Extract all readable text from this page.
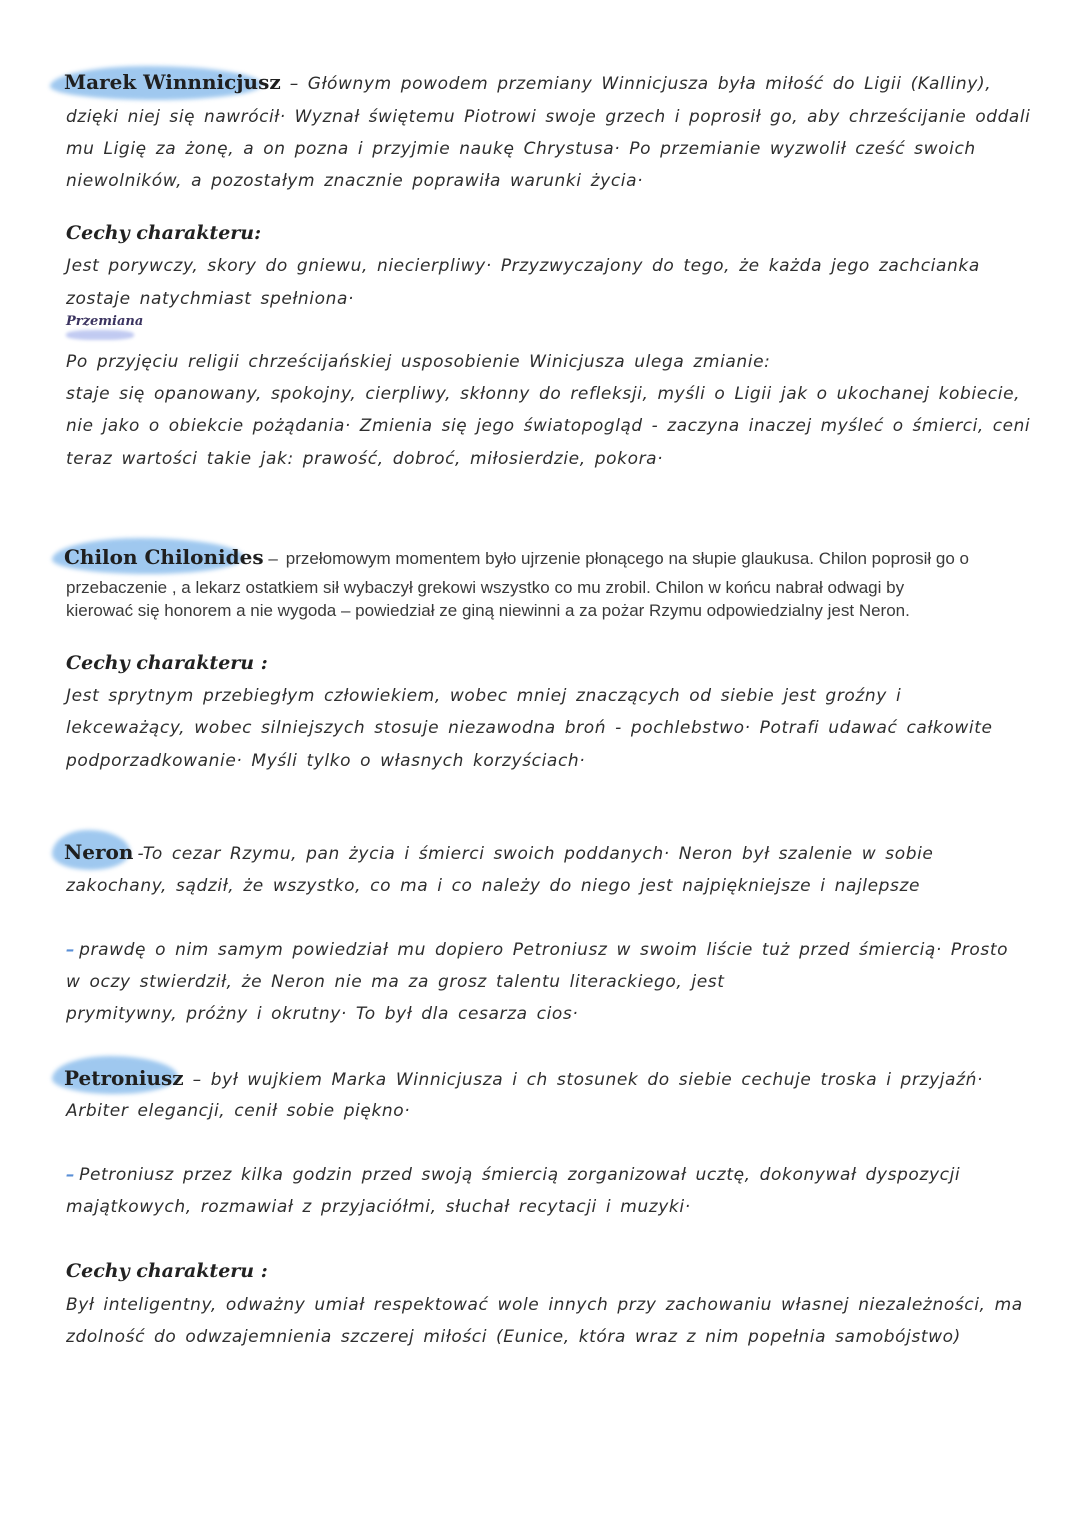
Marek Winnnicjusz – Głównym powodem przemiany Winnicjusza była miłość do Ligii (Kalliny),
dzięki niej się nawrócił· Wyznał świętemu Piotrowi swoje grzech i poprosił go, aby chrześcijanie oddali
mu Ligię za żonę, a on pozna i przyjmie naukę Chrystusa· Po przemianie wyzwolił cześć swoich
niewolników, a pozostałym znacznie poprawiła warunki życia·
Cechy charakteru:
Jest porywczy, skory do gniewu, niecierpliwy· Przyzwyczajony do tego, że każda jego zachcianka
zostaje natychmiast spełniona·
Przemiana
Po przyjęciu religii chrześcijańskiej usposobienie Winicjusza ulega zmianie:
staje się opanowany, spokojny, cierpliwy, skłonny do refleksji, myśli o Ligii jak o ukochanej kobiecie,
nie jako o obiekcie pożądania· Zmienia się jego światopogląd - zaczyna inaczej myśleć o śmierci, ceni
teraz wartości takie jak: prawość, dobroć, miłosierdzie, pokora·
Chilon Chilonides – przełomowym momentem było ujrzenie płonącego na słupie glaukusa. Chilon poprosił go o
przebaczenie , a lekarz ostatkiem sił wybaczył grekowi wszystko co mu zrobil. Chilon w końcu nabrał odwagi by
kierować się honorem a nie wygoda – powiedział ze giną niewinni a za pożar Rzymu odpowiedzialny jest Neron.
Cechy charakteru :
Jest sprytnym przebiegłym człowiekiem, wobec mniej znaczących od siebie jest groźny i
lekceważący, wobec silniejszych stosuje niezawodna broń - pochlebstwo· Potrafi udawać całkowite
podporzadkowanie· Myśli tylko o własnych korzyściach·
Neron -To cezar Rzymu, pan życia i śmierci swoich poddanych· Neron był szalenie w sobie
zakochany, sądził, że wszystko, co ma i co należy do niego jest najpiękniejsze i najlepsze
– prawdę o nim samym powiedział mu dopiero Petroniusz w swoim liście tuż przed śmiercią· Prosto
w oczy stwierdził, że Neron nie ma za grosz talentu literackiego, jest
prymitywny, próżny i okrutny· To był dla cesarza cios·
Petroniusz – był wujkiem Marka Winnicjusza i ch stosunek do siebie cechuje troska i przyjaźń·
Arbiter elegancji, cenił sobie piękno·
– Petroniusz przez kilka godzin przed swoją śmiercią zorganizował ucztę, dokonywał dyspozycji
majątkowych, rozmawiał z przyjaciółmi, słuchał recytacji i muzyki·
Cechy charakteru :
Był inteligentny, odważny umiał respektować wole innych przy zachowaniu własnej niezależności, ma
zdolność do odwzajemnienia szczerej miłości (Eunice, która wraz z nim popełnia samobójstwo)
